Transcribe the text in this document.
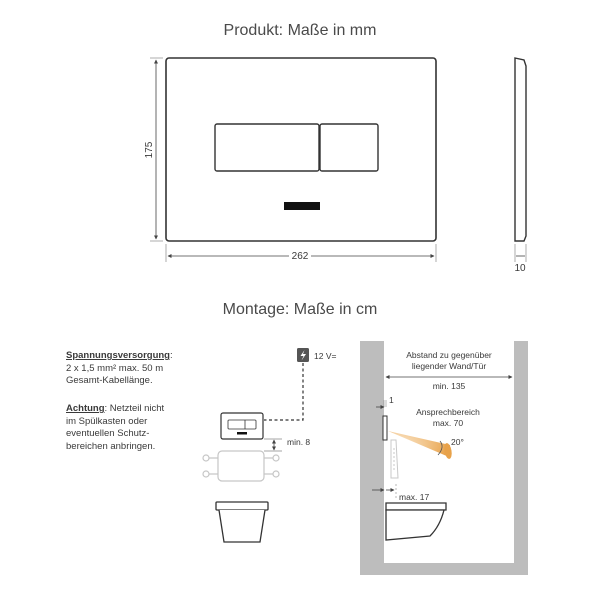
Produkt: Maße in mm
Montage: Maße in cm
175
262
10
12 V=
min. 8
Abstand zu gegenüber
liegender Wand/Tür
min. 135
1
20°
Ansprechbereich
max. 70
max. 17
Spannungsversorgung:
2 x 1,5 mm² max. 50 m
Gesamt-Kabellänge.
Achtung: Netzteil nicht
im Spülkasten oder
eventuellen Schutz-
bereichen anbringen.
